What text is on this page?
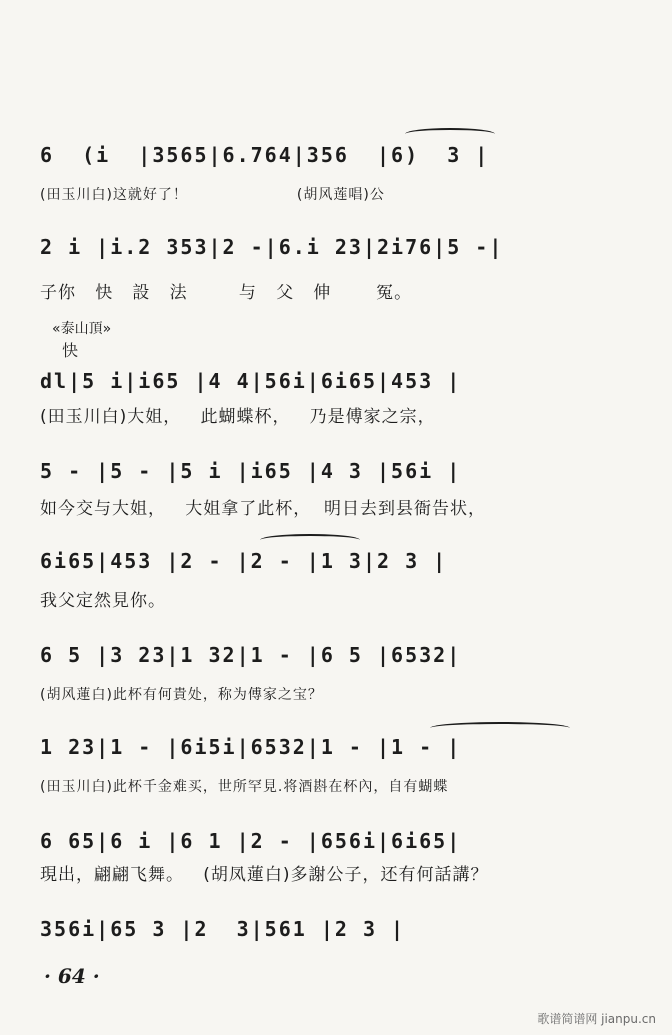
6  (i  |3565|6.764|356  |6)  3 |
(田玉川白)这就好了！                    (胡风莲唱)公
2 i |i.2 353|2 -|6.i 23|2i76|5 -|
子你   快   設   法        与   父   伸       冤。
«泰山頂»
快
dl|5 i|i65 |4 4|56i|6i65|453 |
(田玉川白)大姐，   此蝴蝶杯，   乃是傅家之宗，
5 - |5 - |5 i |i65 |4 3 |56i |
如今交与大姐，   大姐拿了此杯，  明日去到县衙告状，
6i65|453 |2 - |2 - |1 3|2 3 |
我父定然見你。
6 5 |3 23|1 32|1 - |6 5 |6532|
(胡风蓮白)此杯有何貴处，称为傅家之宝？
1 23|1 - |6i5i|6532|1 - |1 - |
(田玉川白)此杯千金难买，世所罕見.将酒斟在杯內，自有蝴蝶
6 65|6 i |6 1 |2 - |656i|6i65|
現出，翩翩飞舞。   (胡凤蓮白)多謝公子，还有何話講？
356i|65 3 |2  3|561 |2 3 |
· 64 ·
歌谱简谱网 jianpu.cn
